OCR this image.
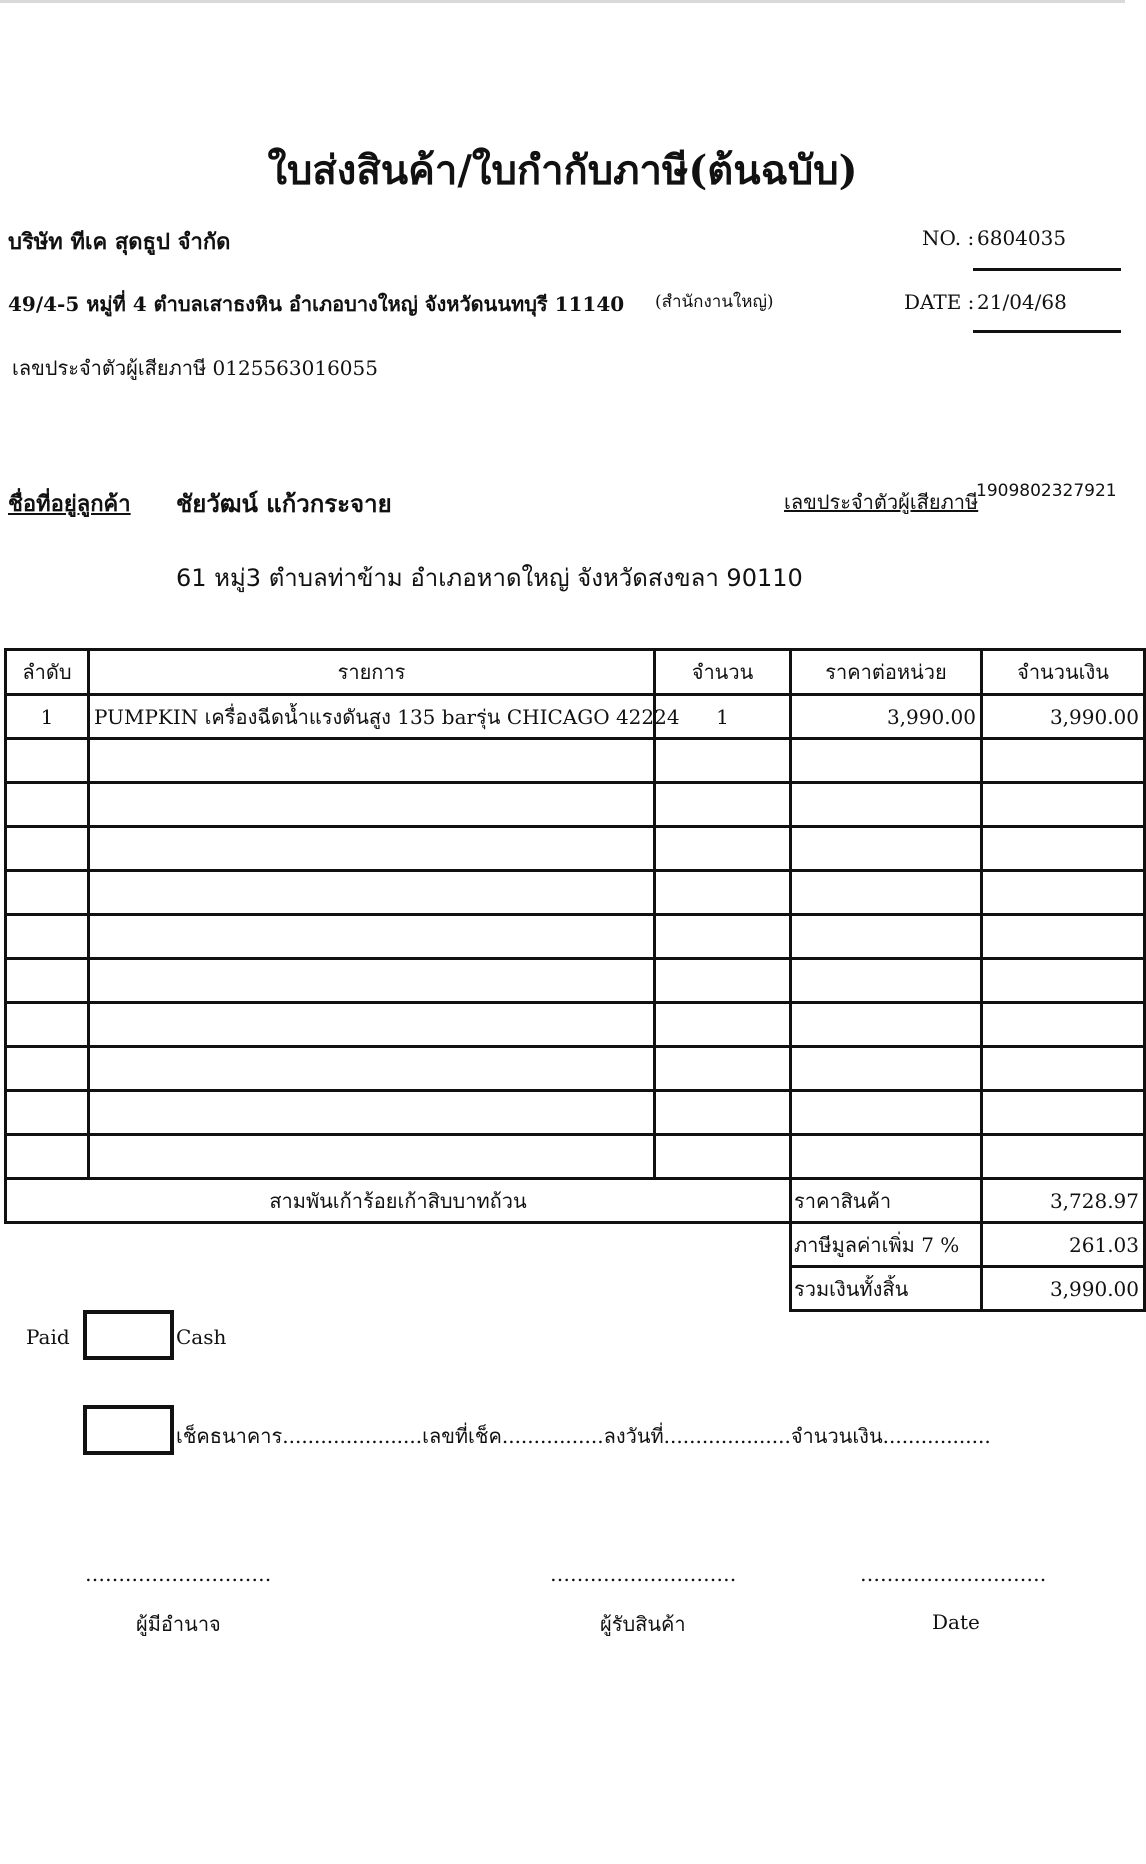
ใบส่งสินค้า/ใบกำกับภาษี(ต้นฉบับ)
บริษัท ทีเค สุดธูป จำกัด
49/4-5 หมู่ที่ 4 ตำบลเสาธงหิน อำเภอบางใหญ่ จังหวัดนนทบุรี 11140 (สำนักงานใหญ่)
เลขประจำตัวผู้เสียภาษี 0125563016055
NO. : 6804035
DATE : 21/04/68
ชื่อที่อยู่ลูกค้า ชัยวัฒน์ แก้วกระจาย	เลขประจำตัวผู้เสียภาษี
1909802327921
61 หมู่3 ตำบลท่าข้าม อำเภอหาดใหญ่ จังหวัดสงขลา 90110
ลำดับ	รายการ	จำนวน	ราคาต่อหน่วย	จำนวนเงิน
1	PUMPKIN เครื่องฉีดน้ำแรงดันสูง 135 barรุ่น CHICAGO 42224	1	3,990.00	3,990.00

สามพันเก้าร้อยเก้าสิบบาทถ้วน			ราคาสินค้า	3,728.97
			ภาษีมูลค่าเพิ่ม 7 %	261.03
			รวมเงินทั้งสิ้น	3,990.00
Paid	Cash
เช็คธนาคาร......................เลขที่เช็ค................ลงวันที่....................จำนวนเงิน.................
…….…………………
ผู้มีอำนาจ
…….…………………
ผู้รับสินค้า
…….…………………
Date
